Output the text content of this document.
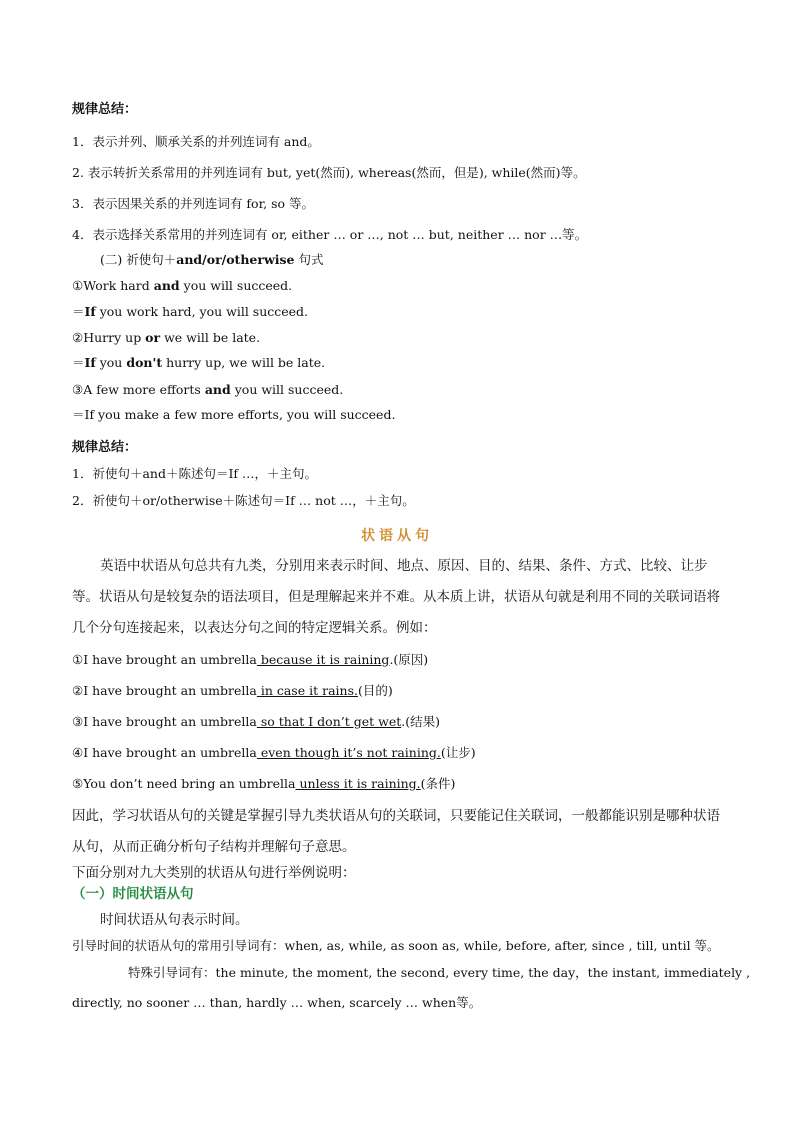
规律总结：
1．表示并列、顺承关系的并列连词有 and。
2. 表示转折关系常用的并列连词有 but, yet(然而), whereas(然而，但是), while(然而)等。
3．表示因果关系的并列连词有 for, so 等。
4．表示选择关系常用的并列连词有 or, either … or …, not … but, neither … nor …等。
(二) 祈使句＋and/or/otherwise 句式
①Work hard and you will succeed.
＝If you work hard, you will succeed.
②Hurry up or we will be late.
＝If you don't hurry up, we will be late.
③A few more efforts and you will succeed.
＝If you make a few more efforts, you will succeed.
规律总结：
1．祈使句＋and＋陈述句＝If …，＋主句。
2．祈使句＋or/otherwise＋陈述句＝If … not …，＋主句。
状语从句
英语中状语从句总共有九类，分别用来表示时间、地点、原因、目的、结果、条件、方式、比较、让步等。状语从句是较复杂的语法项目，但是理解起来并不难。从本质上讲，状语从句就是利用不同的关联词语将几个分句连接起来，以表达分句之间的特定逻辑关系。例如：
①I have brought an umbrella because it is raining.(原因)
②I have brought an umbrella in case it rains.(目的)
③I have brought an umbrella so that I don’t get wet.(结果)
④I have brought an umbrella even though it’s not raining.(让步)
⑤You don’t need bring an umbrella unless it is raining.(条件)
因此，学习状语从句的关键是掌握引导九类状语从句的关联词，只要能记住关联词，一般都能识别是哪种状语从句，从而正确分析句子结构并理解句子意思。
下面分别对九大类别的状语从句进行举例说明：
（一）时间状语从句
时间状语从句表示时间。
引导时间的状语从句的常用引导词有：when, as, while, as soon as, while, before, after, since , till, until 等。
特殊引导词有：the minute, the moment, the second, every time, the day，the instant, immediately ,
directly, no sooner … than, hardly … when, scarcely … when等。
